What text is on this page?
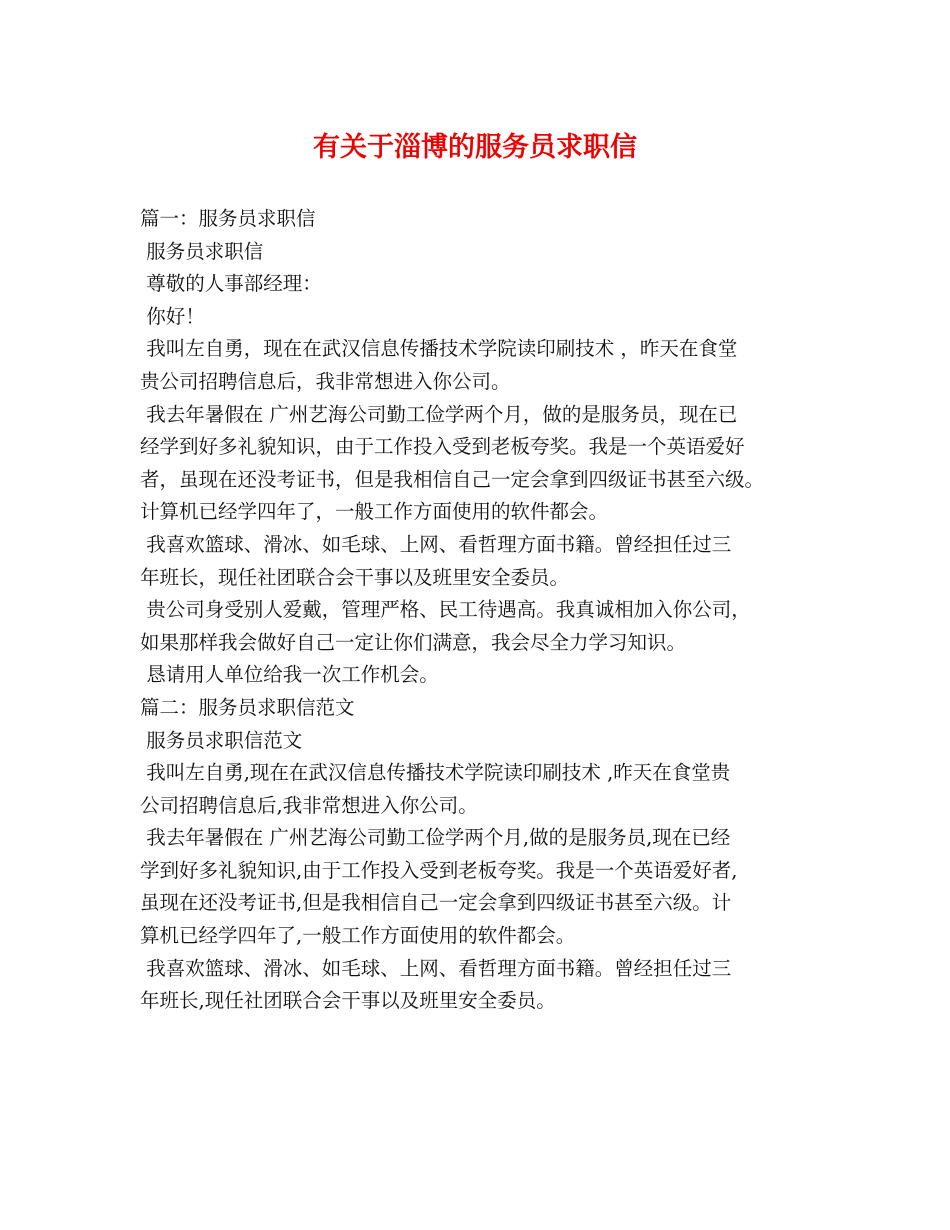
有关于淄博的服务员求职信
篇一：服务员求职信
服务员求职信
尊敬的人事部经理：
你好！
我叫左自勇，现在在武汉信息传播技术学院读印刷技术 ，昨天在食堂
贵公司招聘信息后，我非常想进入你公司。
我去年暑假在 广州艺海公司勤工俭学两个月，做的是服务员，现在已
经学到好多礼貌知识，由于工作投入受到老板夸奖。我是一个英语爱好
者，虽现在还没考证书，但是我相信自己一定会拿到四级证书甚至六级。
计算机已经学四年了，一般工作方面使用的软件都会。
我喜欢篮球、滑冰、如毛球、上网、看哲理方面书籍。曾经担任过三
年班长，现任社团联合会干事以及班里安全委员。
贵公司身受别人爱戴，管理严格、民工待遇高。我真诚相加入你公司，
如果那样我会做好自己一定让你们满意，我会尽全力学习知识。
恳请用人单位给我一次工作机会。
篇二：服务员求职信范文
服务员求职信范文
我叫左自勇,现在在武汉信息传播技术学院读印刷技术 ,昨天在食堂贵
公司招聘信息后,我非常想进入你公司。
我去年暑假在 广州艺海公司勤工俭学两个月,做的是服务员,现在已经
学到好多礼貌知识,由于工作投入受到老板夸奖。我是一个英语爱好者,
虽现在还没考证书,但是我相信自己一定会拿到四级证书甚至六级。计
算机已经学四年了,一般工作方面使用的软件都会。
我喜欢篮球、滑冰、如毛球、上网、看哲理方面书籍。曾经担任过三
年班长,现任社团联合会干事以及班里安全委员。
